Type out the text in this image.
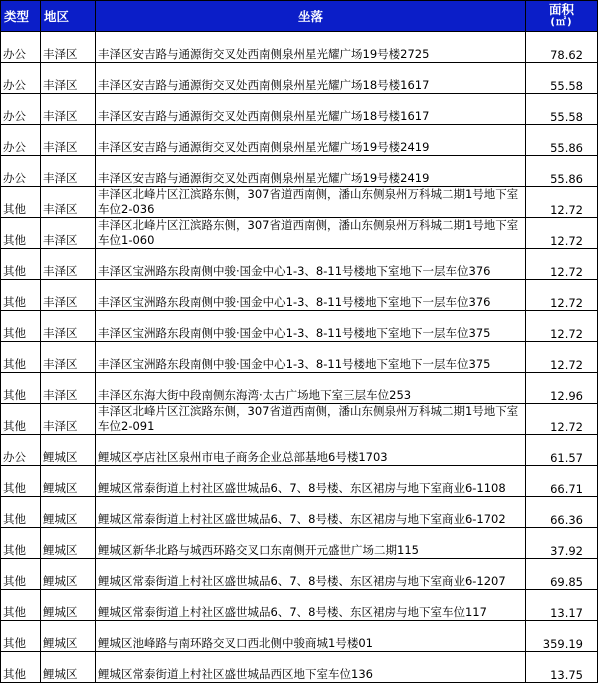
类型	地区	坐落	面积
(㎡)

办公	丰泽区	丰泽区安吉路与通源街交叉处西南侧泉州星光耀广场19号楼2725	78.62
办公	丰泽区	丰泽区安吉路与通源街交叉处西南侧泉州星光耀广场18号楼1617	55.58
办公	丰泽区	丰泽区安吉路与通源街交叉处西南侧泉州星光耀广场18号楼1617	55.58
办公	丰泽区	丰泽区安吉路与通源街交叉处西南侧泉州星光耀广场19号楼2419	55.86
办公	丰泽区	丰泽区安吉路与通源街交叉处西南侧泉州星光耀广场19号楼2419	55.86
其他	丰泽区	丰泽区北峰片区江滨路东侧，307省道西南侧，潘山东侧泉州万科城二期1号地下室车位2-036	12.72
其他	丰泽区	丰泽区北峰片区江滨路东侧，307省道西南侧，潘山东侧泉州万科城二期1号地下室车位1-060	12.72
其他	丰泽区	丰泽区宝洲路东段南侧中骏·国金中心1-3、8-11号楼地下室地下一层车位376	12.72
其他	丰泽区	丰泽区宝洲路东段南侧中骏·国金中心1-3、8-11号楼地下室地下一层车位376	12.72
其他	丰泽区	丰泽区宝洲路东段南侧中骏·国金中心1-3、8-11号楼地下室地下一层车位375	12.72
其他	丰泽区	丰泽区宝洲路东段南侧中骏·国金中心1-3、8-11号楼地下室地下一层车位375	12.72
其他	丰泽区	丰泽区东海大街中段南侧东海湾·太古广场地下室三层车位253	12.96
其他	丰泽区	丰泽区北峰片区江滨路东侧，307省道西南侧，潘山东侧泉州万科城二期1号地下室车位2-091	12.72
办公	鲤城区	鲤城区亭店社区泉州市电子商务企业总部基地6号楼1703	61.57
其他	鲤城区	鲤城区常泰街道上村社区盛世城品6、7、8号楼、东区裙房与地下室商业6-1108	66.71
其他	鲤城区	鲤城区常泰街道上村社区盛世城品6、7、8号楼、东区裙房与地下室商业6-1702	66.36
其他	鲤城区	鲤城区新华北路与城西环路交叉口东南侧开元盛世广场二期115	37.92
其他	鲤城区	鲤城区常泰街道上村社区盛世城品6、7、8号楼、东区裙房与地下室商业6-1207	69.85
其他	鲤城区	鲤城区常泰街道上村社区盛世城品6、7、8号楼、东区裙房与地下室车位117	13.17
其他	鲤城区	鲤城区池峰路与南环路交叉口西北侧中骏商城1号楼01	359.19
其他	鲤城区	鲤城区常泰街道上村社区盛世城品西区地下室车位136	13.75
